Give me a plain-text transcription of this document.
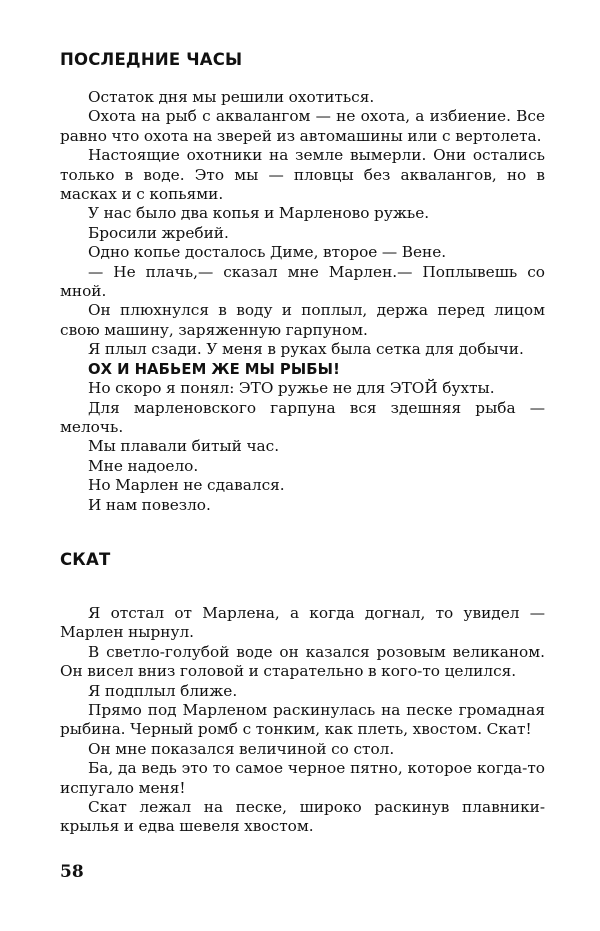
ПОСЛЕДНИЕ ЧАСЫ

Остаток дня мы решили охотиться.

Охота на рыб с аквалангом — не охота, а избиение. Все равно что охота на зверей из автомашины или с вертолета.

Настоящие охотники на земле вымерли. Они остались только в воде. Это мы — пловцы без аквалангов, но в масках и с копьями.

У нас было два копья и Марленово ружье.

Бросили жребий.

Одно копье досталось Диме, второе — Вене.

— Не плачь,— сказал мне Марлен.— Поплывешь со мной.

Он плюхнулся в воду и поплыл, держа перед лицом свою машину, заряженную гарпуном.

Я плыл сзади. У меня в руках была сетка для добычи.

ОХ И НАБЬЕМ ЖЕ МЫ РЫБЫ!

Но скоро я понял: ЭТО ружье не для ЭТОЙ бухты.

Для марленовского гарпуна вся здешняя рыба — мелочь.

Мы плавали битый час.

Мне надоело.

Но Марлен не сдавался.

И нам повезло.

СКАТ

Я отстал от Марлена, а когда догнал, то увидел — Марлен нырнул.

В светло-голубой воде он казался розовым великаном. Он висел вниз головой и старательно в кого-то целился.

Я подплыл ближе.

Прямо под Марленом раскинулась на песке громадная рыбина. Черный ромб с тонким, как плеть, хвостом. Скат!

Он мне показался величиной со стол.

Ба, да ведь это то самое черное пятно, которое когда-то испугало меня!

Скат лежал на песке, широко раскинув плавники-крылья и едва шевеля хвостом.

58
